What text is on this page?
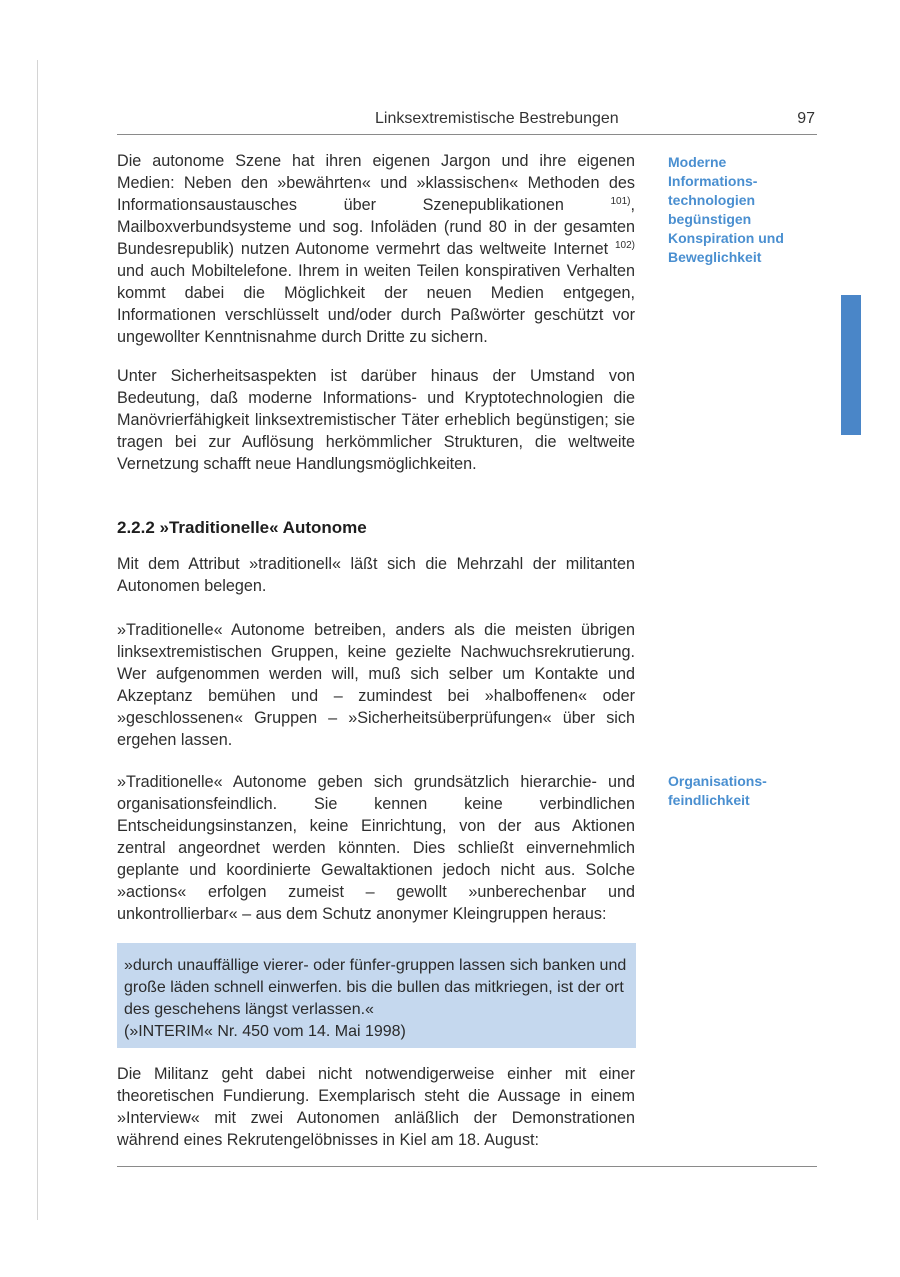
Linksextremistische Bestrebungen	97
Die autonome Szene hat ihren eigenen Jargon und ihre eigenen Medien: Neben den »bewährten« und »klassischen« Methoden des Informationsaustausches über Szenepublikationen $^{101)}$, Mailboxverbundsysteme und sog. Infoläden (rund 80 in der gesamten Bundesrepublik) nutzen Autonome vermehrt das weltweite Internet $^{102)}$ und auch Mobiltelefone. Ihrem in weiten Teilen konspirativen Verhalten kommt dabei die Möglichkeit der neuen Medien entgegen, Informationen verschlüsselt und/oder durch Paßwörter geschützt vor ungewollter Kenntnisnahme durch Dritte zu sichern.
Moderne Informations-technologien begünstigen Konspiration und Beweglichkeit
Unter Sicherheitsaspekten ist darüber hinaus der Umstand von Bedeutung, daß moderne Informations- und Kryptotechnologien die Manövrierfähigkeit linksextremistischer Täter erheblich begünstigen; sie tragen bei zur Auflösung herkömmlicher Strukturen, die weltweite Vernetzung schafft neue Handlungsmöglichkeiten.
2.2.2 »Traditionelle« Autonome
Mit dem Attribut »traditionell« läßt sich die Mehrzahl der militanten Autonomen belegen.
»Traditionelle« Autonome betreiben, anders als die meisten übrigen linksextremistischen Gruppen, keine gezielte Nachwuchsrekrutierung. Wer aufgenommen werden will, muß sich selber um Kontakte und Akzeptanz bemühen und – zumindest bei »halboffenen« oder »geschlossenen« Gruppen – »Sicherheitsüberprüfungen« über sich ergehen lassen.
»Traditionelle« Autonome geben sich grundsätzlich hierarchie- und organisationsfeindlich. Sie kennen keine verbindlichen Entscheidungsinstanzen, keine Einrichtung, von der aus Aktionen zentral angeordnet werden könnten. Dies schließt einvernehmlich geplante und koordinierte Gewaltaktionen jedoch nicht aus. Solche »actions« erfolgen zumeist – gewollt »unberechenbar und unkontrollierbar« – aus dem Schutz anonymer Kleingruppen heraus:
Organisations-feindlichkeit
»durch unauffällige vierer- oder fünfer-gruppen lassen sich banken und große läden schnell einwerfen. bis die bullen das mitkriegen, ist der ort des geschehens längst verlassen.«
(»INTERIM« Nr. 450 vom 14. Mai 1998)
Die Militanz geht dabei nicht notwendigerweise einher mit einer theoretischen Fundierung. Exemplarisch steht die Aussage in einem »Interview« mit zwei Autonomen anläßlich der Demonstrationen während eines Rekrutengelöbnisses in Kiel am 18. August:
